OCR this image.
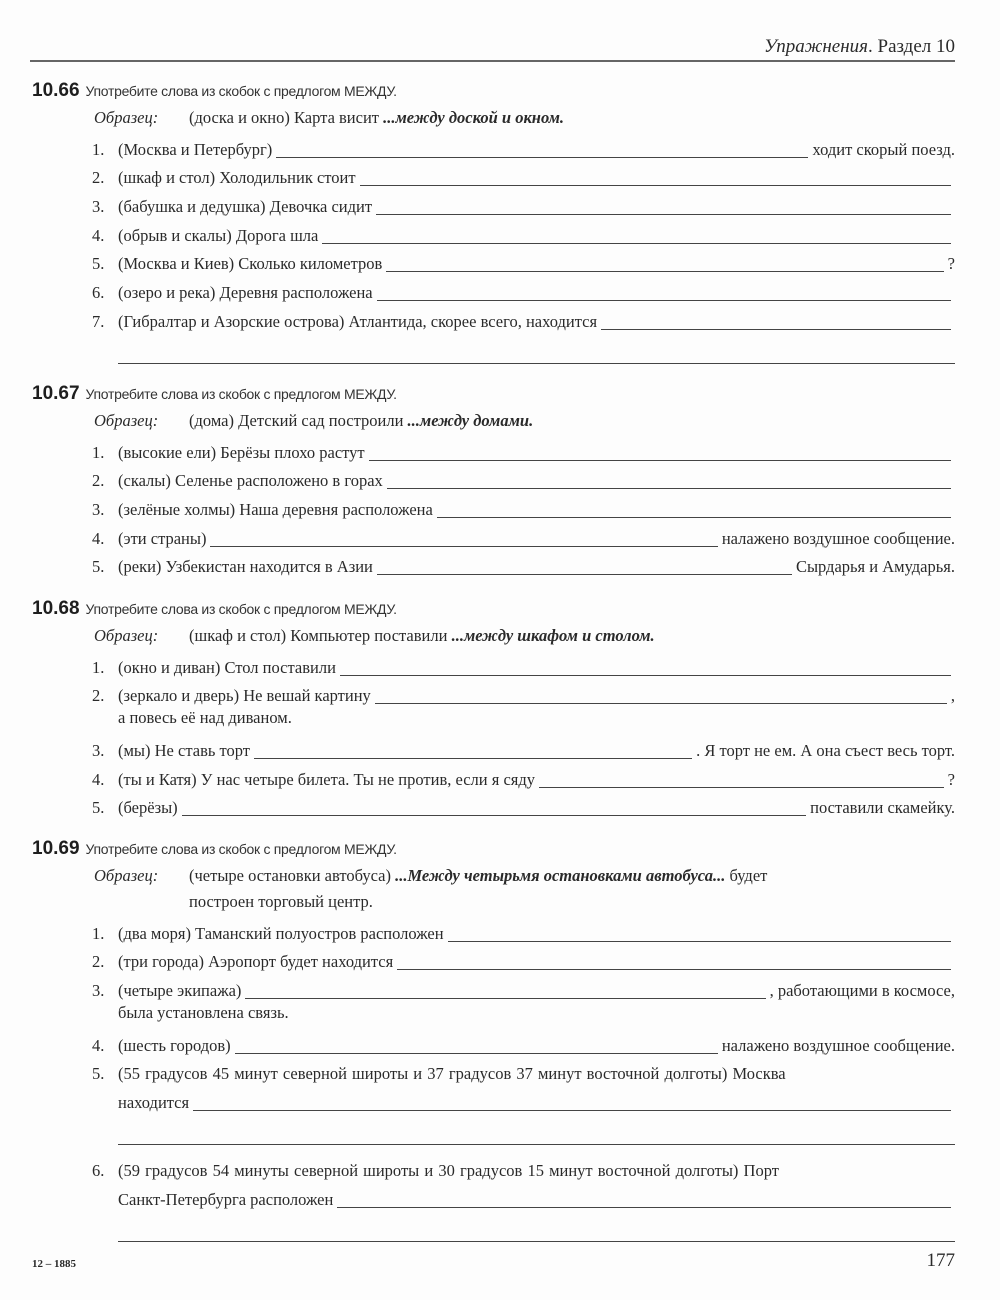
Упражнения. Раздел 10
10.66 Употребите слова из скобок с предлогом МЕЖДУ.
Образец:	(доска и окно) Карта висит ...между доской и окном.
1. (Москва и Петербург)	ходит скорый поезд.
2. (шкаф и стол) Холодильник стоит
3. (бабушка и дедушка) Девочка сидит
4. (обрыв и скалы) Дорога шла
5. (Москва и Киев) Сколько километров	?
6. (озеро и река) Деревня расположена
7. (Гибралтар и Азорские острова) Атлантида, скорее всего, находится
10.67 Употребите слова из скобок с предлогом МЕЖДУ.
Образец:	(дома) Детский сад построили ...между домами.
1. (высокие ели) Берёзы плохо растут
2. (скалы) Селенье расположено в горах
3. (зелёные холмы) Наша деревня расположена
4. (эти страны)	налажено воздушное сообщение.
5. (реки) Узбекистан находится в Азии	Сырдарья и Амударья.
10.68 Употребите слова из скобок с предлогом МЕЖДУ.
Образец:	(шкаф и стол) Компьютер поставили ...между шкафом и столом.
1. (окно и диван) Стол поставили
2. (зеркало и дверь) Не вешай картину	,
а повесь её над диваном.
3. (мы) Не ставь торт	. Я торт не ем. А она съест весь торт.
4. (ты и Катя) У нас четыре билета. Ты не против, если я сяду	?
5. (берёзы)	поставили скамейку.
10.69 Употребите слова из скобок с предлогом МЕЖДУ.
Образец:	(четыре остановки автобуса) ...Между четырьмя остановками автобуса... будет
построен торговый центр.
1. (два моря) Таманский полуостров расположен
2. (три города) Аэропорт будет находится
3. (четыре экипажа)	, работающими в космосе,
была установлена связь.
4. (шесть городов)	налажено воздушное сообщение.
5. (55 градусов 45 минут северной широты и 37 градусов 37 минут восточной долготы) Москва
находится
6. (59 градусов 54 минуты северной широты и 30 градусов 15 минут восточной долготы) Порт
Санкт-Петербурга расположен
12 – 1885	177
